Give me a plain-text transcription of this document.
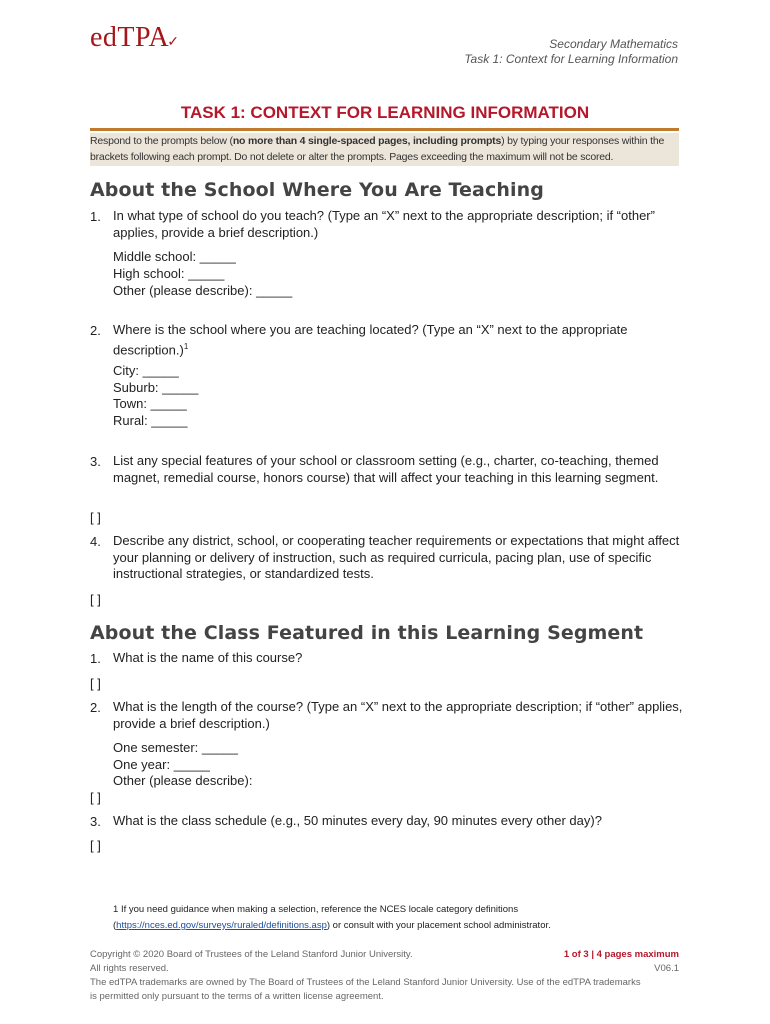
edTPA✓	Secondary Mathematics
Task 1: Context for Learning Information
TASK 1: CONTEXT FOR LEARNING INFORMATION
Respond to the prompts below (no more than 4 single-spaced pages, including prompts) by typing your responses within the brackets following each prompt. Do not delete or alter the prompts. Pages exceeding the maximum will not be scored.
About the School Where You Are Teaching
1. In what type of school do you teach? (Type an “X” next to the appropriate description; if “other” applies, provide a brief description.)
Middle school: _____
High school: _____
Other (please describe): _____
2. Where is the school where you are teaching located? (Type an “X” next to the appropriate description.)$^1$
City: _____
Suburb: _____
Town: _____
Rural: _____
3. List any special features of your school or classroom setting (e.g., charter, co-teaching, themed magnet, remedial course, honors course) that will affect your teaching in this learning segment.
[ ]
4. Describe any district, school, or cooperating teacher requirements or expectations that might affect your planning or delivery of instruction, such as required curricula, pacing plan, use of specific instructional strategies, or standardized tests.
[ ]
About the Class Featured in this Learning Segment
1. What is the name of this course?
[ ]
2. What is the length of the course? (Type an “X” next to the appropriate description; if “other” applies, provide a brief description.)
One semester: _____
One year: _____
Other (please describe):
[ ]
3. What is the class schedule (e.g., 50 minutes every day, 90 minutes every other day)?
[ ]
1 If you need guidance when making a selection, reference the NCES locale category definitions
(https://nces.ed.gov/surveys/ruraled/definitions.asp) or consult with your placement school administrator.
Copyright © 2020 Board of Trustees of the Leland Stanford Junior University.
All rights reserved.
The edTPA trademarks are owned by The Board of Trustees of the Leland Stanford Junior University. Use of the edTPA trademarks is permitted only pursuant to the terms of a written license agreement.
1 of 3 | 4 pages maximum
V06.1
